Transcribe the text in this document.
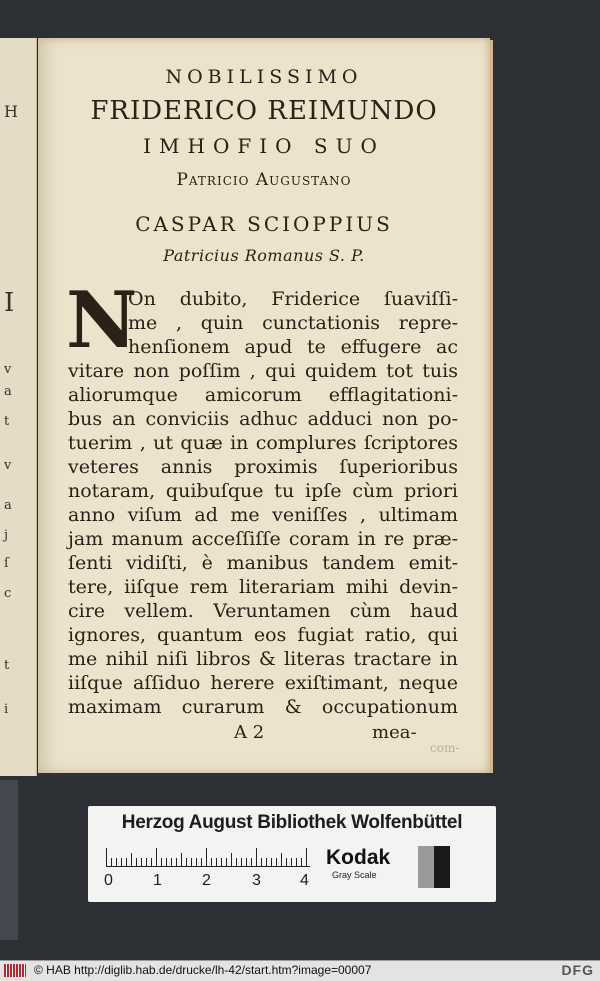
H
I
v
a
t
v
a
j
ſ
c
t
i
NOBILISSIMO
FRIDERICO REIMUNDO
IMHOFIO SUO
Patricio Augustano
CASPAR SCIOPPIUS
Patricius Romanus S. P.
N
On dubito, Friderice ſuaviſſi-
me , quin cunctationis repre-
henſionem apud te effugere ac
vitare non poſſim , qui quidem tot tuis
aliorumque amicorum efflagitationi-
bus an conviciis adhuc adduci non po-
tuerim , ut quæ in complures ſcriptores
veteres annis proximis ſuperioribus
notaram, quibuſque tu ipſe cùm priori
anno viſum ad me veniſſes , ultimam
jam manum acceſſiſſe coram in re præ-
ſenti vidiſti, è manibus tandem emit-
tere, iiſque rem literariam mihi devin-
cire vellem. Veruntamen cùm haud
ignores, quantum eos fugiat ratio, qui
me nihil niſi libros & literas tractare in
iiſque aſſiduo herere exiſtimant, neque
maximam curarum & occupationum
com-
A 2	mea-
Herzog August Bibliothek Wolfenbüttel
0	1	2	3 4
Kodak
Gray Scale
© HAB http://diglib.hab.de/drucke/lh-42/start.htm?image=00007	DFG
